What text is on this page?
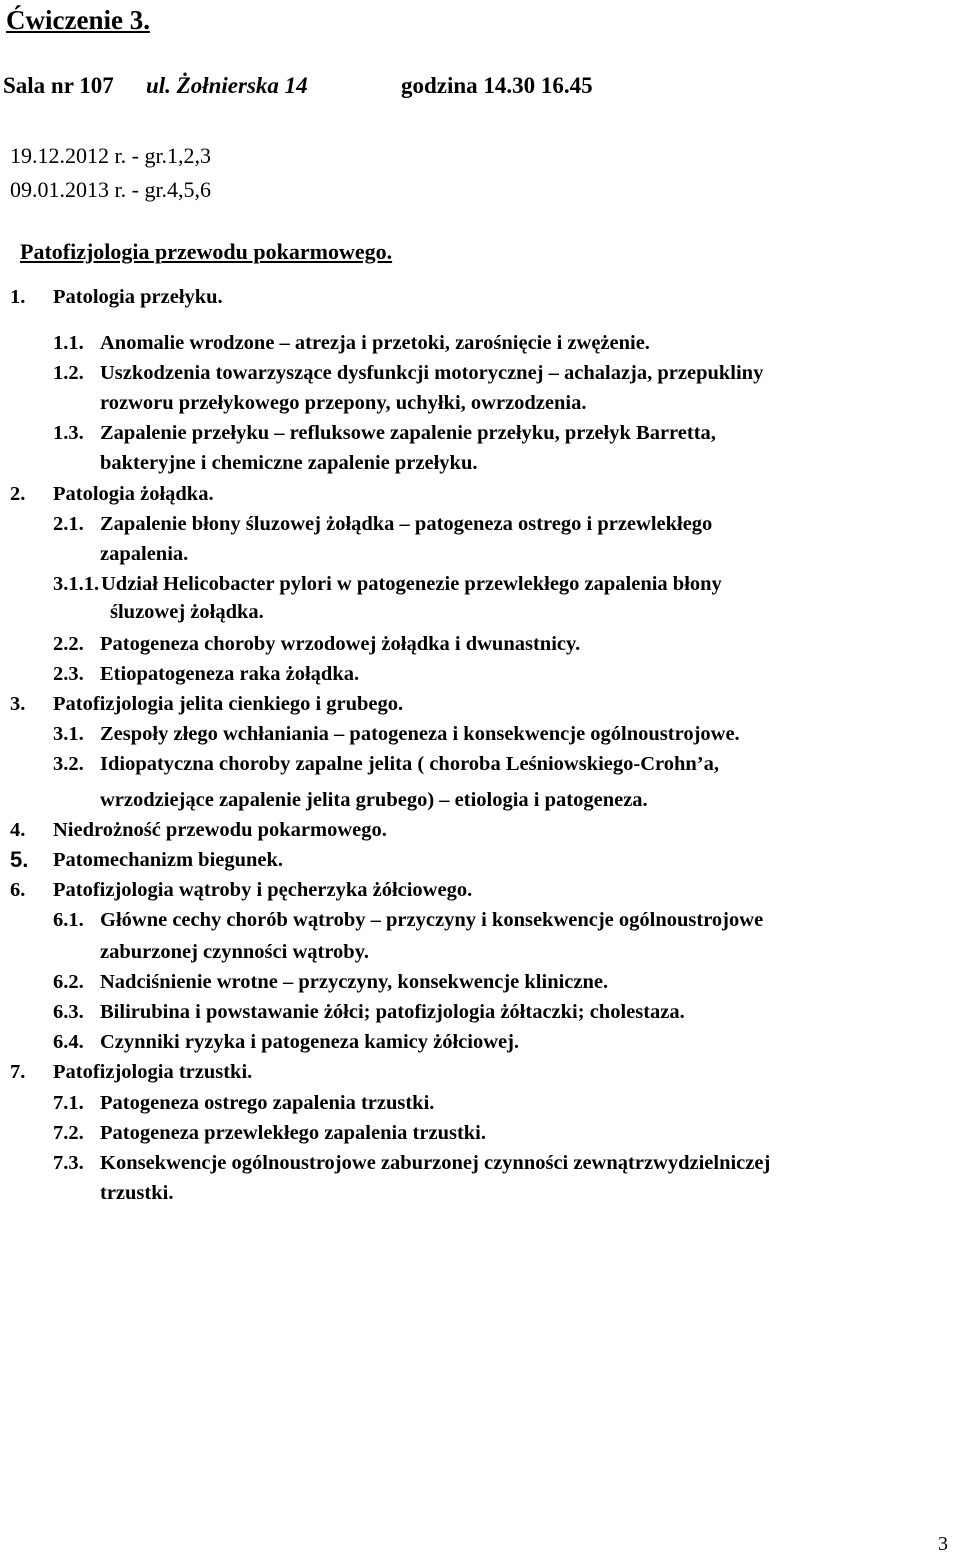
Ćwiczenie 3.
Sala nr 107 ul. Żołnierska 14	godzina 14.30 16.45
19.12.2012 r. - gr.1,2,3
09.01.2013 r. - gr.4,5,6
Patofizjologia przewodu pokarmowego.
1. Patologia przełyku.
1.1. Anomalie wrodzone – atrezja i przetoki, zarośnięcie i zwężenie.
1.2. Uszkodzenia towarzyszące dysfunkcji motorycznej – achalazja, przepukliny
rozworu przełykowego przepony, uchyłki, owrzodzenia.
1.3. Zapalenie przełyku – refluksowe zapalenie przełyku, przełyk Barretta,
bakteryjne i chemiczne zapalenie przełyku.
2. Patologia żołądka.
2.1. Zapalenie błony śluzowej żołądka – patogeneza ostrego i przewlekłego
zapalenia.
3.1.1. Udział Helicobacter pylori w patogenezie przewlekłego zapalenia błony
śluzowej żołądka.
2.2. Patogeneza choroby wrzodowej żołądka i dwunastnicy.
2.3. Etiopatogeneza raka żołądka.
3. Patofizjologia jelita cienkiego i grubego.
3.1. Zespoły złego wchłaniania – patogeneza i konsekwencje ogólnoustrojowe.
3.2. Idiopatyczna choroby zapalne jelita ( choroba Leśniowskiego-Crohn’a,
wrzodziejące zapalenie jelita grubego) – etiologia i patogeneza.
4. Niedrożność przewodu pokarmowego.
5. Patomechanizm biegunek.
6. Patofizjologia wątroby i pęcherzyka żółciowego.
6.1. Główne cechy chorób wątroby – przyczyny i konsekwencje ogólnoustrojowe
zaburzonej czynności wątroby.
6.2. Nadciśnienie wrotne – przyczyny, konsekwencje kliniczne.
6.3. Bilirubina i powstawanie żółci; patofizjologia żółtaczki; cholestaza.
6.4. Czynniki ryzyka i patogeneza kamicy żółciowej.
7. Patofizjologia trzustki.
7.1. Patogeneza ostrego zapalenia trzustki.
7.2. Patogeneza przewlekłego zapalenia trzustki.
7.3. Konsekwencje ogólnoustrojowe zaburzonej czynności zewnątrzwydzielniczej
trzustki.
3
